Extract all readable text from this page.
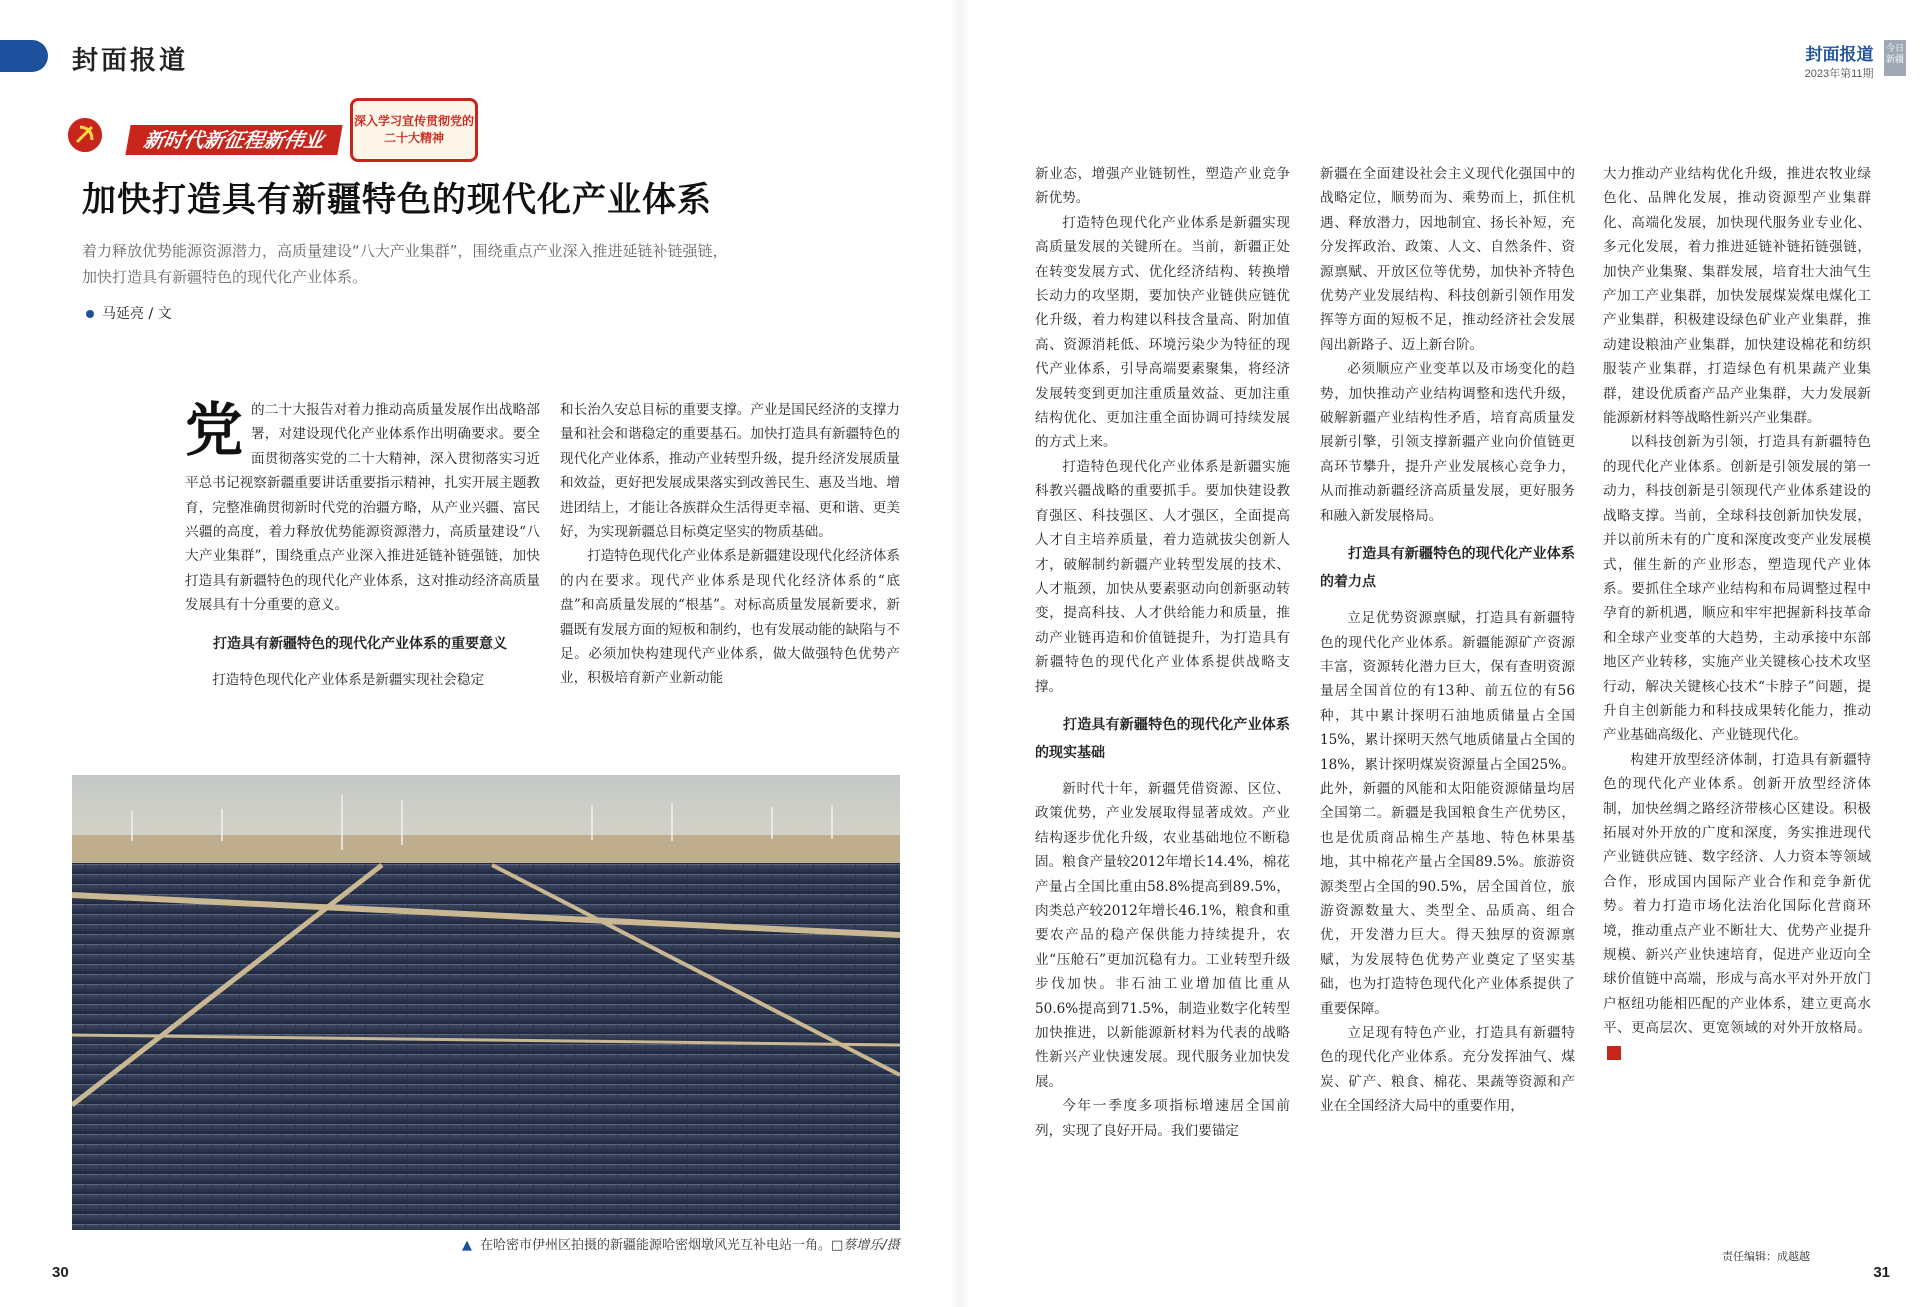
封面报道	封面报道
2023年第11期
今日新疆
新时代新征程新伟业
深入学习宣传贯彻党的二十大精神
加快打造具有新疆特色的现代化产业体系
着力释放优势能源资源潜力，高质量建设“八大产业集群”，围绕重点产业深入推进延链补链强链，加快打造具有新疆特色的现代化产业体系。
马延亮 / 文

党的二十大报告对着力推动高质量发展作出战略部署，对建设现代化产业体系作出明确要求。要全面贯彻落实党的二十大精神，深入贯彻落实习近平总书记视察新疆重要讲话重要指示精神，扎实开展主题教育，完整准确贯彻新时代党的治疆方略，从产业兴疆、富民兴疆的高度，着力释放优势能源资源潜力，高质量建设“八大产业集群”，围绕重点产业深入推进延链补链强链，加快打造具有新疆特色的现代化产业体系，这对推动经济高质量发展具有十分重要的意义。

打造具有新疆特色的现代化产业体系的重要意义

打造特色现代化产业体系是新疆实现社会稳定

和长治久安总目标的重要支撑。产业是国民经济的支撑力量和社会和谐稳定的重要基石。加快打造具有新疆特色的现代化产业体系，推动产业转型升级，提升经济发展质量和效益，更好把发展成果落实到改善民生、惠及当地、增进团结上，才能让各族群众生活得更幸福、更和谐、更美好，为实现新疆总目标奠定坚实的物质基础。

打造特色现代化产业体系是新疆建设现代化经济体系的内在要求。现代产业体系是现代化经济体系的“底盘”和高质量发展的“根基”。对标高质量发展新要求，新疆既有发展方面的短板和制约，也有发展动能的缺陷与不足。必须加快构建现代产业体系，做大做强特色优势产业，积极培育新产业新动能

▲ 在哈密市伊州区拍摄的新疆能源哈密烟墩风光互补电站一角。□蔡增乐/摄

新业态，增强产业链韧性，塑造产业竞争新优势。

打造特色现代化产业体系是新疆实现高质量发展的关键所在。当前，新疆正处在转变发展方式、优化经济结构、转换增长动力的攻坚期，要加快产业链供应链优化升级，着力构建以科技含量高、附加值高、资源消耗低、环境污染少为特征的现代产业体系，引导高端要素聚集，将经济发展转变到更加注重质量效益、更加注重结构优化、更加注重全面协调可持续发展的方式上来。

打造特色现代化产业体系是新疆实施科教兴疆战略的重要抓手。要加快建设教育强区、科技强区、人才强区，全面提高人才自主培养质量，着力造就拔尖创新人才，破解制约新疆产业转型发展的技术、人才瓶颈，加快从要素驱动向创新驱动转变，提高科技、人才供给能力和质量，推动产业链再造和价值链提升，为打造具有新疆特色的现代化产业体系提供战略支撑。

打造具有新疆特色的现代化产业体系的现实基础

新时代十年，新疆凭借资源、区位、政策优势，产业发展取得显著成效。产业结构逐步优化升级，农业基础地位不断稳固。粮食产量较2012年增长14.4%，棉花产量占全国比重由58.8%提高到89.5%，肉类总产较2012年增长46.1%，粮食和重要农产品的稳产保供能力持续提升，农业“压舱石”更加沉稳有力。工业转型升级步伐加快。非石油工业增加值比重从50.6%提高到71.5%，制造业数字化转型加快推进，以新能源新材料为代表的战略性新兴产业快速发展。现代服务业加快发展。

今年一季度多项指标增速居全国前列，实现了良好开局。我们要锚定

新疆在全面建设社会主义现代化强国中的战略定位，顺势而为、乘势而上，抓住机遇、释放潜力，因地制宜、扬长补短，充分发挥政治、政策、人文、自然条件、资源禀赋、开放区位等优势，加快补齐特色优势产业发展结构、科技创新引领作用发挥等方面的短板不足，推动经济社会发展闯出新路子、迈上新台阶。

必须顺应产业变革以及市场变化的趋势，加快推动产业结构调整和迭代升级，破解新疆产业结构性矛盾，培育高质量发展新引擎，引领支撑新疆产业向价值链更高环节攀升，提升产业发展核心竞争力，从而推动新疆经济高质量发展，更好服务和融入新发展格局。

打造具有新疆特色的现代化产业体系的着力点

立足优势资源禀赋，打造具有新疆特色的现代化产业体系。新疆能源矿产资源丰富，资源转化潜力巨大，保有查明资源量居全国首位的有13种、前五位的有56种，其中累计探明石油地质储量占全国15%，累计探明天然气地质储量占全国的18%，累计探明煤炭资源量占全国25%。此外，新疆的风能和太阳能资源储量均居全国第二。新疆是我国粮食生产优势区，也是优质商品棉生产基地、特色林果基地，其中棉花产量占全国89.5%。旅游资源类型占全国的90.5%，居全国首位，旅游资源数量大、类型全、品质高、组合优，开发潜力巨大。得天独厚的资源禀赋，为发展特色优势产业奠定了坚实基础，也为打造特色现代化产业体系提供了重要保障。

立足现有特色产业，打造具有新疆特色的现代化产业体系。充分发挥油气、煤炭、矿产、粮食、棉花、果蔬等资源和产业在全国经济大局中的重要作用，

大力推动产业结构优化升级，推进农牧业绿色化、品牌化发展，推动资源型产业集群化、高端化发展，加快现代服务业专业化、多元化发展，着力推进延链补链拓链强链，加快产业集聚、集群发展，培育壮大油气生产加工产业集群，加快发展煤炭煤电煤化工产业集群，积极建设绿色矿业产业集群，推动建设粮油产业集群，加快建设棉花和纺织服装产业集群，打造绿色有机果蔬产业集群，建设优质畜产品产业集群，大力发展新能源新材料等战略性新兴产业集群。

以科技创新为引领，打造具有新疆特色的现代化产业体系。创新是引领发展的第一动力，科技创新是引领现代产业体系建设的战略支撑。当前，全球科技创新加快发展，并以前所未有的广度和深度改变产业发展模式，催生新的产业形态，塑造现代产业体系。要抓住全球产业结构和布局调整过程中孕育的新机遇，顺应和牢牢把握新科技革命和全球产业变革的大趋势，主动承接中东部地区产业转移，实施产业关键核心技术攻坚行动，解决关键核心技术“卡脖子”问题，提升自主创新能力和科技成果转化能力，推动产业基础高级化、产业链现代化。

构建开放型经济体制，打造具有新疆特色的现代化产业体系。创新开放型经济体制，加快丝绸之路经济带核心区建设。积极拓展对外开放的广度和深度，务实推进现代产业链供应链、数字经济、人力资本等领域合作，形成国内国际产业合作和竞争新优势。着力打造市场化法治化国际化营商环境，推动重点产业不断壮大、优势产业提升规模、新兴产业快速培育，促进产业迈向全球价值链中高端，形成与高水平对外开放门户枢纽功能相匹配的产业体系，建立更高水平、更高层次、更宽领域的对外开放格局。

30	31
责任编辑：成越越
